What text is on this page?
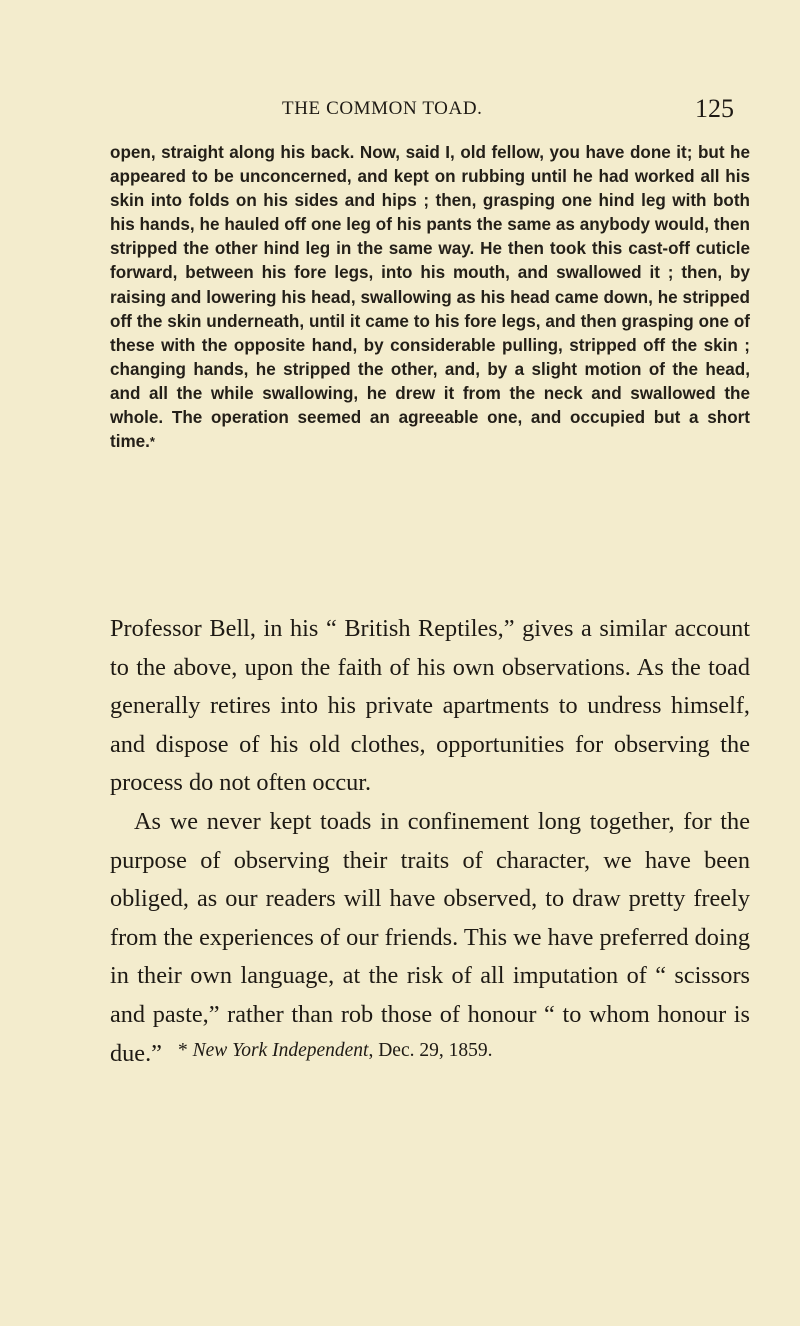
THE COMMON TOAD.	125

open, straight along his back. Now, said I, old fellow, you have done it; but he appeared to be unconcerned, and kept on rubbing until he had worked all his skin into folds on his sides and hips ; then, grasping one hind leg with both his hands, he hauled off one leg of his pants the same as anybody would, then stripped the other hind leg in the same way. He then took this cast-off cuticle forward, between his fore legs, into his mouth, and swallowed it ; then, by raising and lowering his head, swallowing as his head came down, he stripped off the skin underneath, until it came to his fore legs, and then grasping one of these with the opposite hand, by considerable pulling, stripped off the skin ; changing hands, he stripped the other, and, by a slight motion of the head, and all the while swallowing, he drew it from the neck and swallowed the whole. The operation seemed an agreeable one, and occupied but a short time.*

Professor Bell, in his “ British Reptiles,” gives a similar account to the above, upon the faith of his own observations. As the toad generally retires into his private apartments to undress himself, and dispose of his old clothes, opportunities for observing the process do not often occur.

As we never kept toads in confinement long together, for the purpose of observing their traits of character, we have been obliged, as our readers will have observed, to draw pretty freely from the experiences of our friends. This we have preferred doing in their own language, at the risk of all imputation of “ scissors and paste,” rather than rob those of honour “ to whom honour is due.” * New York Independent, Dec. 29, 1859.
